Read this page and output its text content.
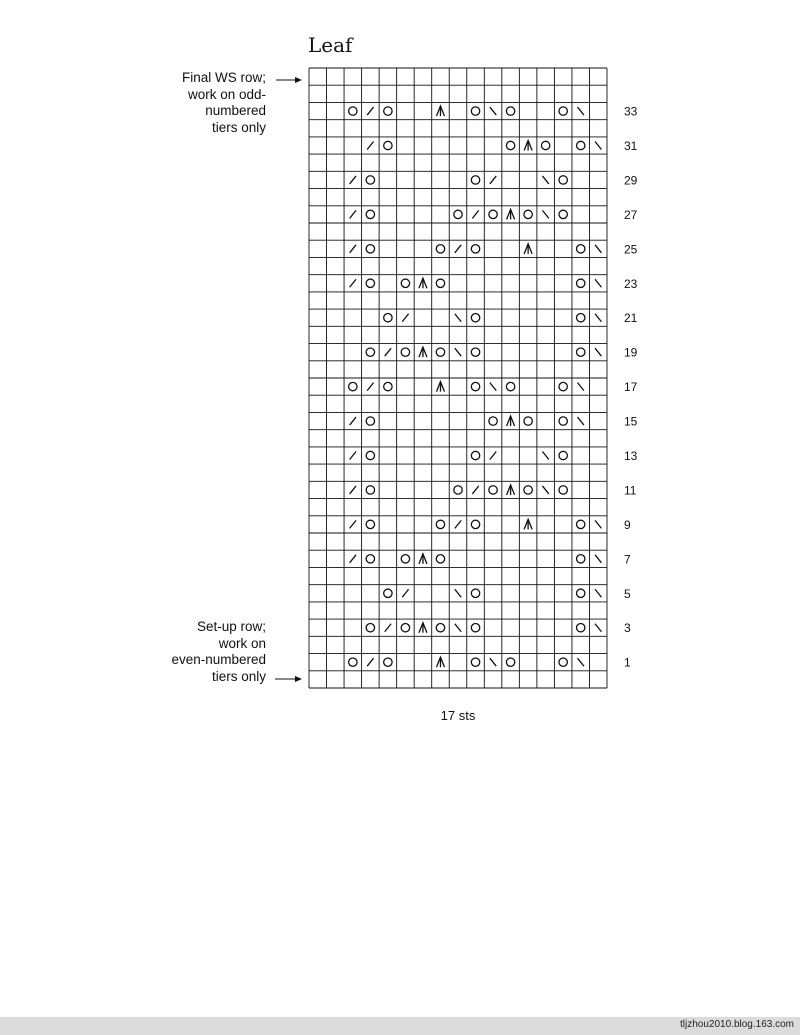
Leaf
Final WS row;
work on odd-
numbered
tiers only
Set-up row;
work on
even-numbered
tiers only
33
31
29
27
25
23
21
19
17
15
13
11
9
7
5
3
1
17 sts
tljzhou2010.blog.163.com
